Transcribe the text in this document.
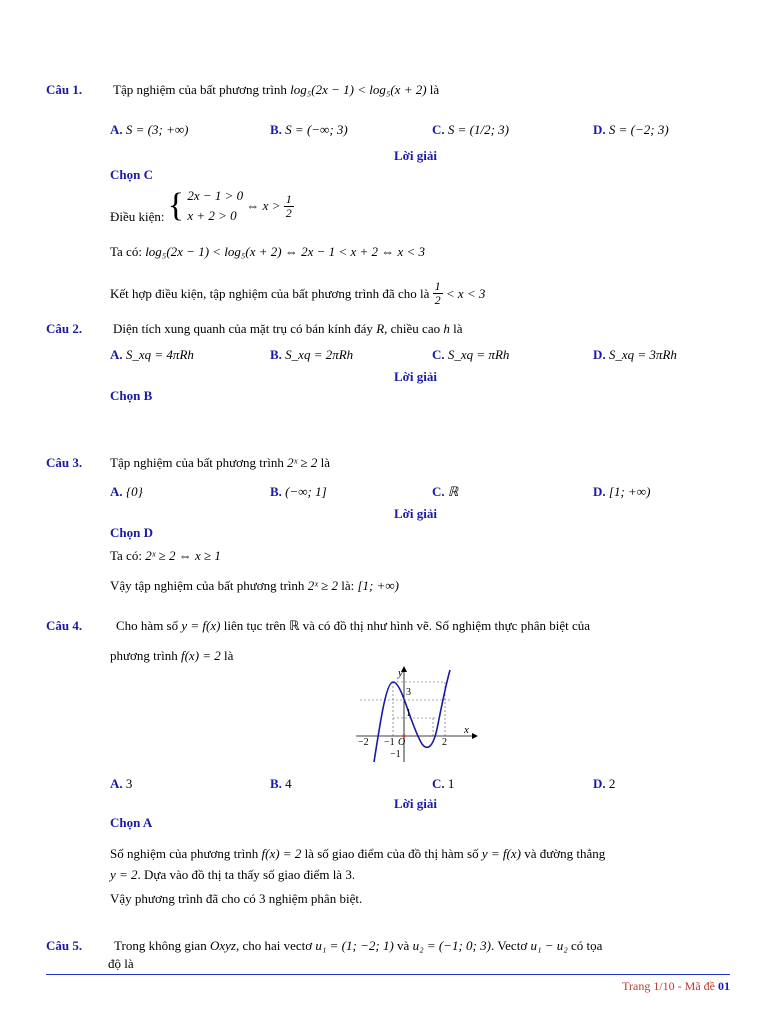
Câu 1. Tập nghiệm của bất phương trình log₅(2x − 1) < log₅(x + 2) là
A. S = (3; +∞)	B. S = (−∞; 3)	C. S = (1/2; 3)	D. S = (−2; 3)
Lời giải
Chọn C
Điều kiện: { 2x − 1 > 0
x + 2 > 0
⇔ $x > \frac{1}{2}$
Ta có: log₅(2x − 1) < log₅(x + 2) ⇔ 2x − 1 < x + 2 ⇔ x < 3
Kết hợp điều kiện, tập nghiệm của bất phương trình đã cho là $\frac{1}{2} < x < 3$
Câu 2. Diện tích xung quanh của mặt trụ có bán kính đáy R, chiều cao h là
A. S_xq = 4πRh	B. S_xq = 2πRh	C. S_xq = πRh	D. S_xq = 3πRh
Lời giải
Chọn B
Câu 3. Tập nghiệm của bất phương trình 2ˣ ≥ 2 là
A. {0}	B. (−∞; 1]	C. ℝ	D. [1; +∞)
Lời giải
Chọn D
Ta có: 2ˣ ≥ 2 ⇔ x ≥ 1
Vậy tập nghiệm của bất phương trình 2ˣ ≥ 2 là: [1; +∞)
Câu 4.	Cho hàm số y = f(x) liên tục trên ℝ và có đồ thị như hình vẽ. Số nghiệm thực phân biệt của
phương trình f(x) = 2 là
y
x
O
−2 −1	2
3
1
−1
A. 3	B. 4	C. 1	D. 2
Lời giải
Chọn A
Số nghiệm của phương trình f(x) = 2 là số giao điểm của đồ thị hàm số y = f(x) và đường thẳng
y = 2. Dựa vào đồ thị ta thấy số giao điểm là 3.
Vậy phương trình đã cho có 3 nghiệm phân biệt.
Câu 5. Trong không gian Oxyz, cho hai vectơ u₁ = (1; −2; 1) và u₂ = (−1; 0; 3). Vectơ u₁ − u₂ có tọa
độ là
Trang 1/10 - Mã đề 01
